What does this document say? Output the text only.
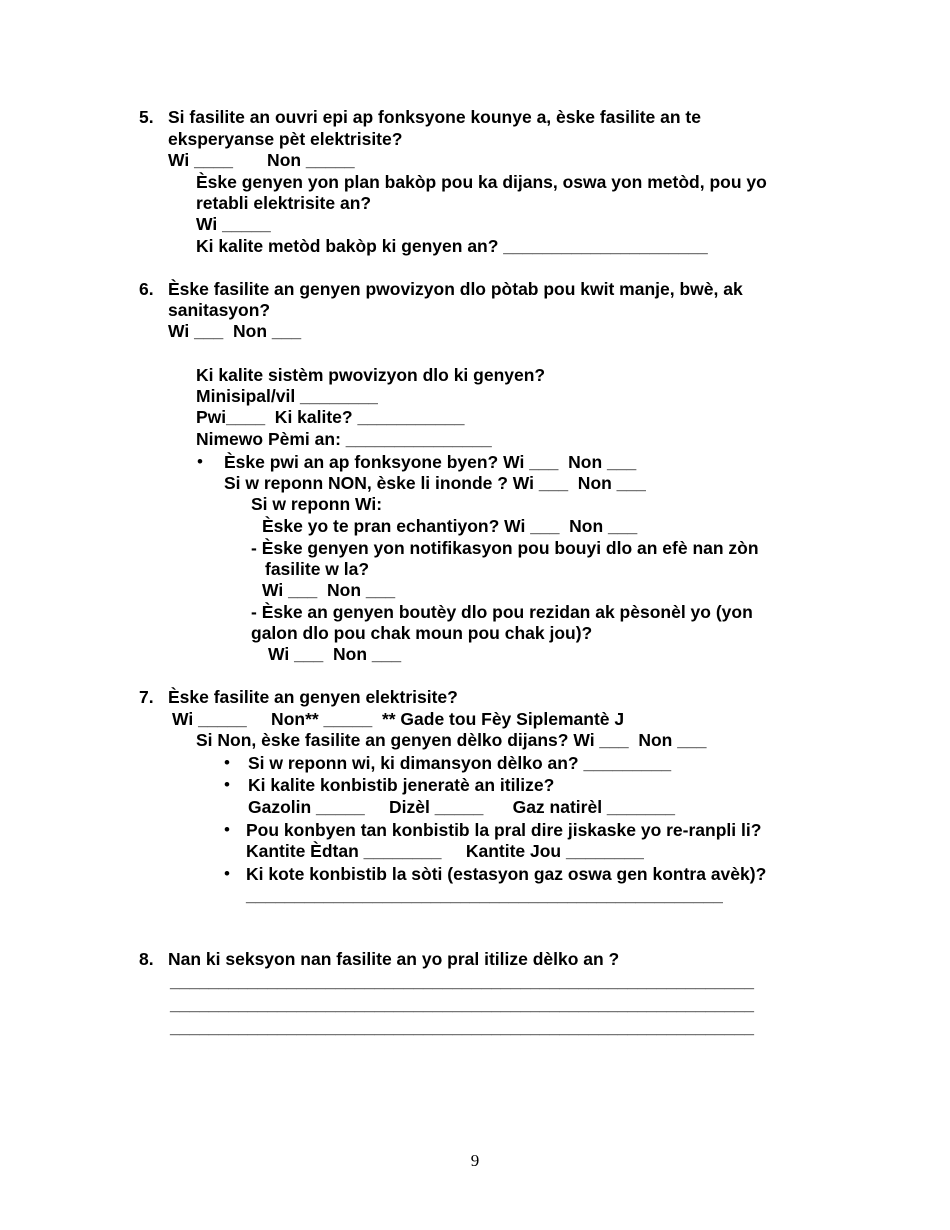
5. Si fasilite an ouvri epi ap fonksyone kounye a, èske fasilite an te
eksperyanse pèt elektrisite?
Wi ____       Non _____
Èske genyen yon plan bakòp pou ka dijans, oswa yon metòd, pou yo
retabli elektrisite an?
Wi _____
Ki kalite metòd bakòp ki genyen an? _____________________
6. Èske fasilite an genyen pwovizyon dlo pòtab pou kwit manje, bwè, ak
sanitasyon?
Wi ___  Non ___
Ki kalite sistèm pwovizyon dlo ki genyen?
Minisipal/vil ________
Pwi____  Ki kalite? ___________
Nimewo Pèmi an: _______________
• Èske pwi an ap fonksyone byen? Wi ___  Non ___
Si w reponn NON, èske li inonde ? Wi ___  Non ___
Si w reponn Wi:
Èske yo te pran echantiyon? Wi ___  Non ___
- Èske genyen yon notifikasyon pou bouyi dlo an efè nan zòn
fasilite w la?
Wi ___  Non ___
- Èske an genyen boutèy dlo pou rezidan ak pèsonèl yo (yon
galon dlo pou chak moun pou chak jou)?
Wi ___  Non ___
7. Èske fasilite an genyen elektrisite?
Wi _____     Non** _____  ** Gade tou Fèy Siplemantè J
Si Non, èske fasilite an genyen dèlko dijans? Wi ___  Non ___
• Si w reponn wi, ki dimansyon dèlko an? _________
• Ki kalite konbistib jeneratè an itilize?
Gazolin _____     Dizèl _____      Gaz natirèl _______
• Pou konbyen tan konbistib la pral dire jiskaske yo re-ranpli li?
Kantite Èdtan ________     Kantite Jou ________
• Ki kote konbistib la sòti (estasyon gaz oswa gen kontra avèk)?
_________________________________________________
8. Nan ki seksyon nan fasilite an yo pral itilize dèlko an ?
____________________________________________________________
____________________________________________________________
____________________________________________________________
9
